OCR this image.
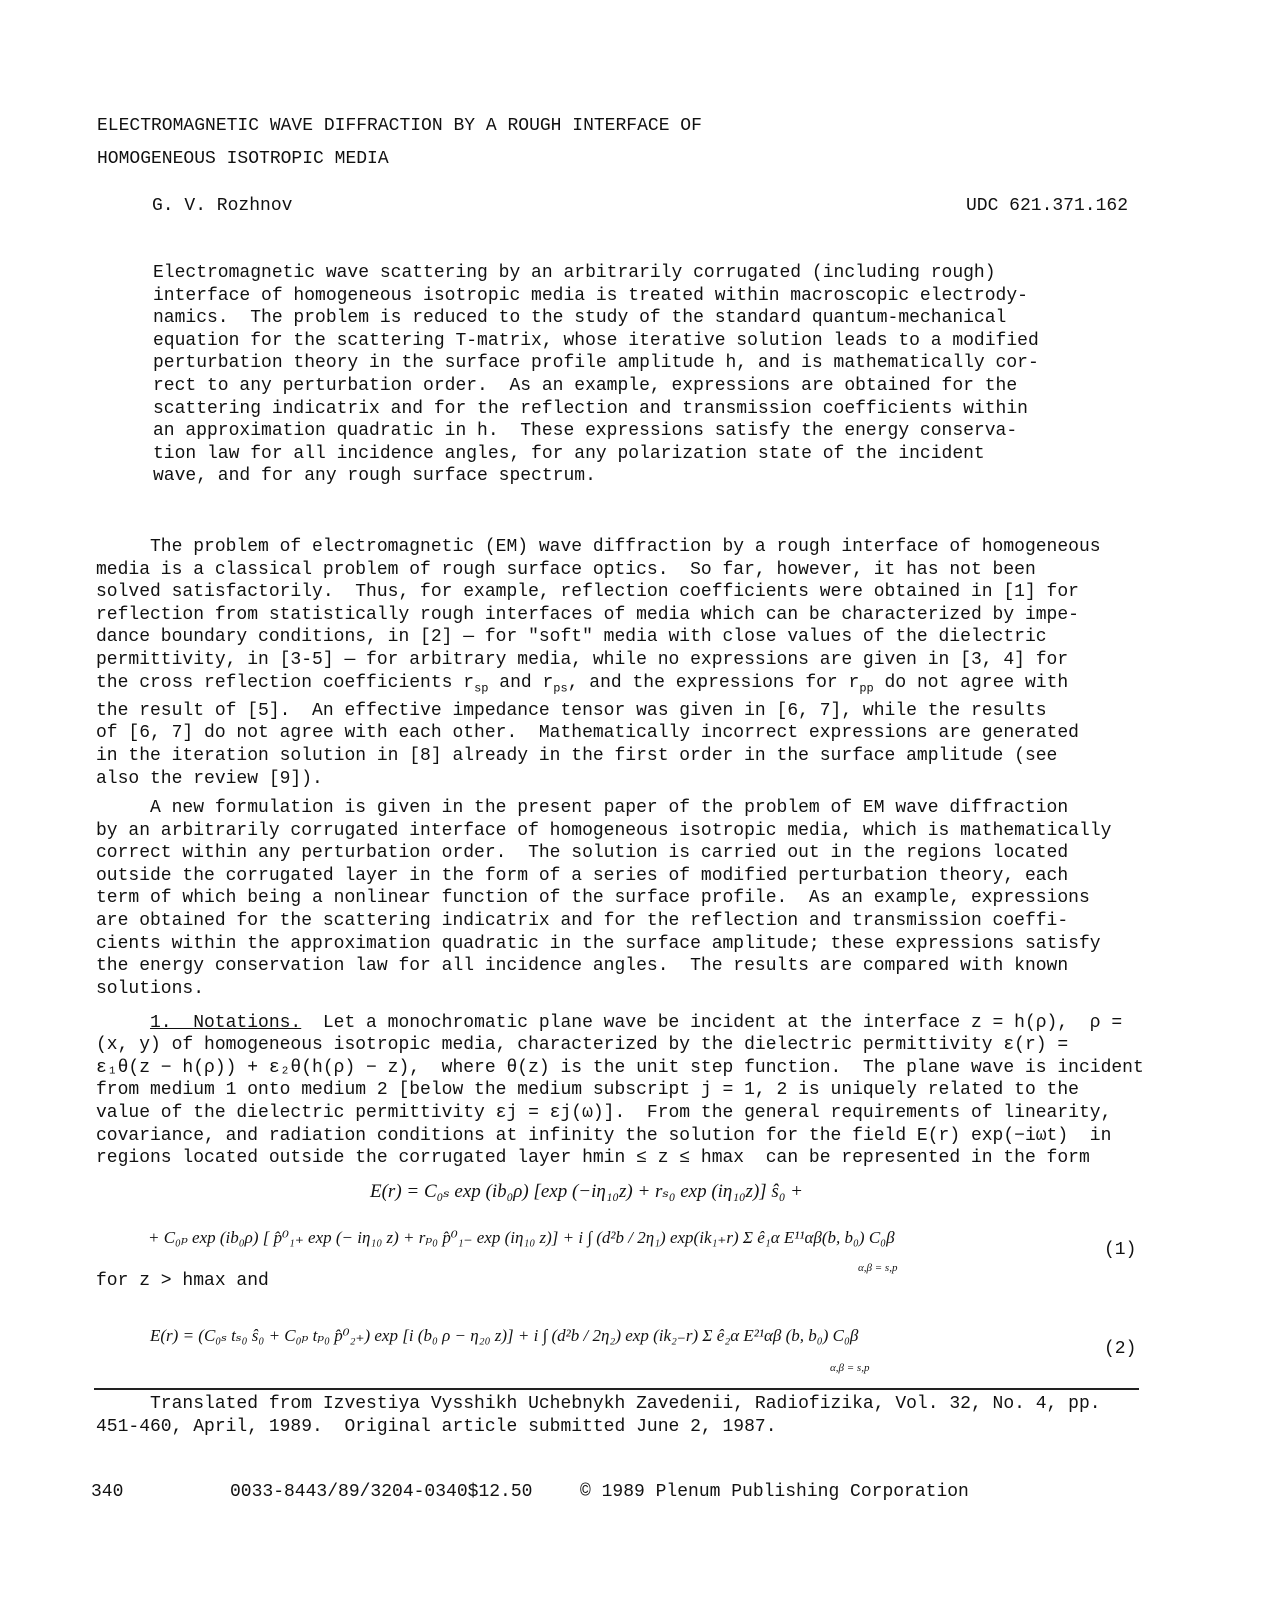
ELECTROMAGNETIC WAVE DIFFRACTION BY A ROUGH INTERFACE OF
HOMOGENEOUS ISOTROPIC MEDIA
G. V. Rozhnov	UDC 621.371.162
Electromagnetic wave scattering by an arbitrarily corrugated (including rough)
interface of homogeneous isotropic media is treated within macroscopic electrody-
namics.  The problem is reduced to the study of the standard quantum-mechanical
equation for the scattering T-matrix, whose iterative solution leads to a modified
perturbation theory in the surface profile amplitude h, and is mathematically cor-
rect to any perturbation order.  As an example, expressions are obtained for the
scattering indicatrix and for the reflection and transmission coefficients within
an approximation quadratic in h.  These expressions satisfy the energy conserva-
tion law for all incidence angles, for any polarization state of the incident
wave, and for any rough surface spectrum.
The problem of electromagnetic (EM) wave diffraction by a rough interface of homogeneous
media is a classical problem of rough surface optics.  So far, however, it has not been
solved satisfactorily.  Thus, for example, reflection coefficients were obtained in [1] for
reflection from statistically rough interfaces of media which can be characterized by impe-
dance boundary conditions, in [2] — for "soft" media with close values of the dielectric
permittivity, in [3-5] — for arbitrary media, while no expressions are given in [3, 4] for
the cross reflection coefficients $r_{sp}$ and $r_{ps}$, and the expressions for $r_{pp}$ do not agree with
the result of [5].  An effective impedance tensor was given in [6, 7], while the results
of [6, 7] do not agree with each other.  Mathematically incorrect expressions are generated
in the iteration solution in [8] already in the first order in the surface amplitude (see
also the review [9]).
A new formulation is given in the present paper of the problem of EM wave diffraction
by an arbitrarily corrugated interface of homogeneous isotropic media, which is mathematically
correct within any perturbation order.  The solution is carried out in the regions located
outside the corrugated layer in the form of a series of modified perturbation theory, each
term of which being a nonlinear function of the surface profile.  As an example, expressions
are obtained for the scattering indicatrix and for the reflection and transmission coeffi-
cients within the approximation quadratic in the surface amplitude; these expressions satisfy
the energy conservation law for all incidence angles.  The results are compared with known
solutions.
1.  Notations.  Let a monochromatic plane wave be incident at the interface z = h(ρ),  ρ =
(x, y) of homogeneous isotropic media, characterized by the dielectric permittivity ε(r) =
ε₁θ(z − h(ρ)) + ε₂θ(h(ρ) − z),  where θ(z) is the unit step function.  The plane wave is incident
from medium 1 onto medium 2 [below the medium subscript j = 1, 2 is uniquely related to the
value of the dielectric permittivity εj = εj(ω)].  From the general requirements of linearity,
covariance, and radiation conditions at infinity the solution for the field E(r) exp(−iωt)  in
regions located outside the corrugated layer hmin ≤ z ≤ hmax  can be represented in the form
E(r) = C₀ₛ exp (ib₀ρ) [exp (−iη₁₀z) + rₛ₀ exp (iη₁₀z)] ŝ₀ +
+ C₀ₚ exp (ib₀ρ) [ p̂⁰₁₊ exp (− iη₁₀ z) + rₚ₀ p̂⁰₁₋ exp (iη₁₀ z)] + i ∫ (d²b / 2η₁) exp(ik₁₊r) Σ ê₁α E¹¹αβ(b, b₀) C₀β
α,β = s,p
(1)
for z > hmax and
E(r) = (C₀ₛ tₛ₀ ŝ₀ + C₀ₚ tₚ₀ p̂⁰₂₊) exp [i (b₀ ρ − η₂₀ z)] + i ∫ (d²b / 2η₂) exp (ik₂₋r) Σ ê₂α E²¹αβ (b, b₀) C₀β
α,β = s,p
(2)
Translated from Izvestiya Vysshikh Uchebnykh Zavedenii, Radiofizika, Vol. 32, No. 4, pp.
451-460, April, 1989.  Original article submitted June 2, 1987.
340	0033-8443/89/3204-0340$12.50	© 1989 Plenum Publishing Corporation
